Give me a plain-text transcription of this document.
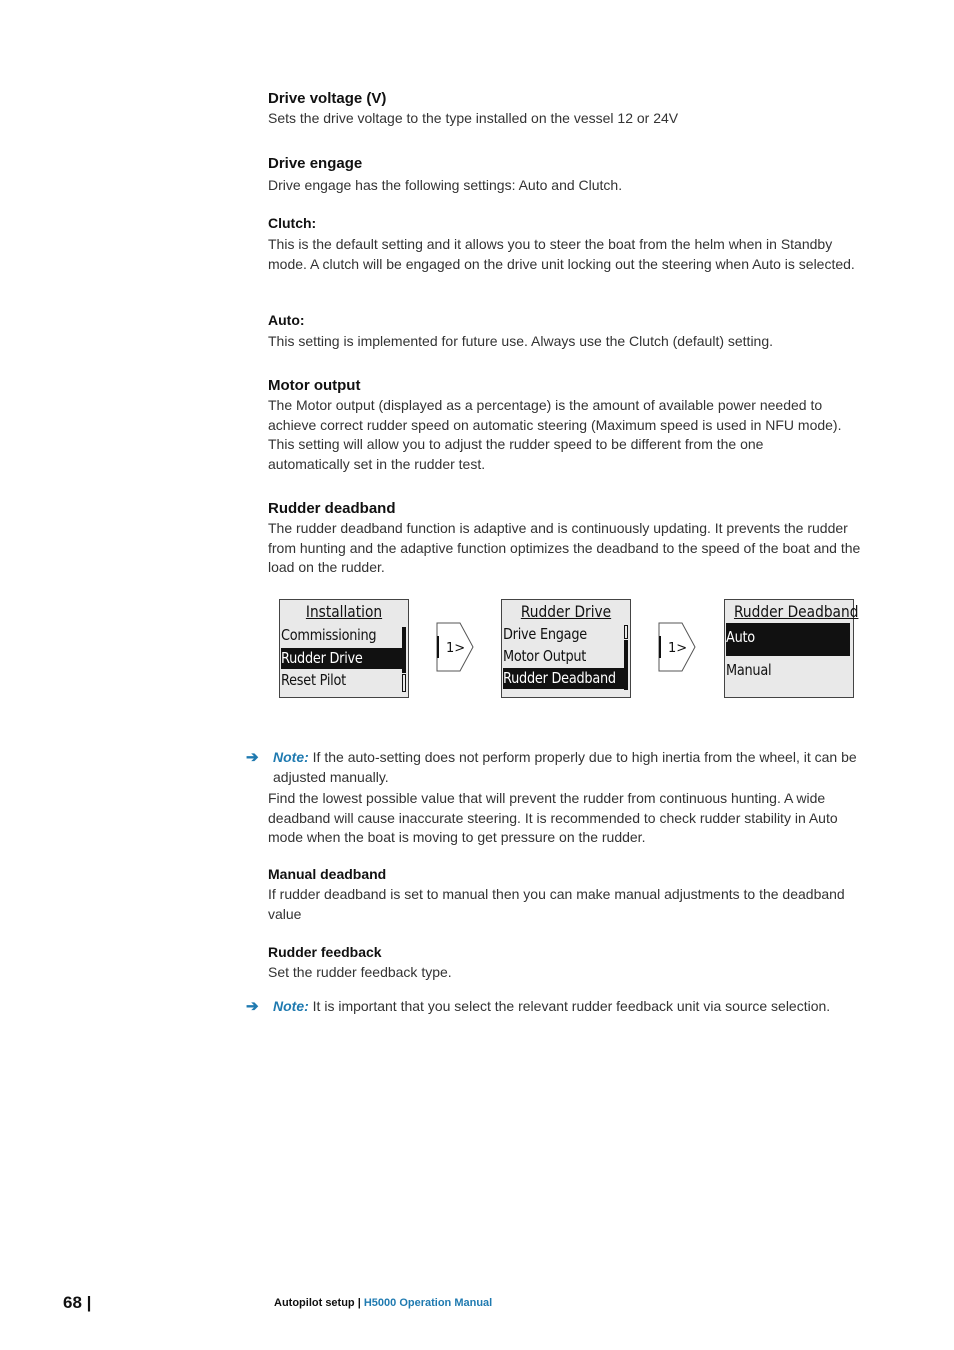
Drive voltage (V)

Sets the drive voltage to the type installed on the vessel 12 or 24V

Drive engage

Drive engage has the following settings: Auto and Clutch.

Clutch:

This is the default setting and it allows you to steer the boat from the helm when in Standby mode. A clutch will be engaged on the drive unit locking out the steering when Auto is selected.

Auto:

This setting is implemented for future use. Always use the Clutch (default) setting.

Motor output

The Motor output (displayed as a percentage) is the amount of available power needed to achieve correct rudder speed on automatic steering (Maximum speed is used in NFU mode). This setting will allow you to adjust the rudder speed to be different from the one automatically set in the rudder test.

Rudder deadband

The rudder deadband function is adaptive and is continuously updating. It prevents the rudder from hunting and the adaptive function optimizes the deadband to the speed of the boat and the load on the rudder.

Installation
Commissioning
Rudder Drive
Reset Pilot
1>
Rudder Drive
Drive Engage
Motor Output
Rudder Deadband
1>
Rudder Deadband
Auto
Manual
➔ Note: If the auto-setting does not perform properly due to high inertia from the wheel, it can be adjusted manually.

Find the lowest possible value that will prevent the rudder from continuous hunting. A wide deadband will cause inaccurate steering. It is recommended to check rudder stability in Auto mode when the boat is moving to get pressure on the rudder.

Manual deadband

If rudder deadband is set to manual then you can make manual adjustments to the deadband value

Rudder feedback

Set the rudder feedback type.

➔ Note: It is important that you select the relevant rudder feedback unit via source selection.
68 |	Autopilot setup | H5000 Operation Manual
